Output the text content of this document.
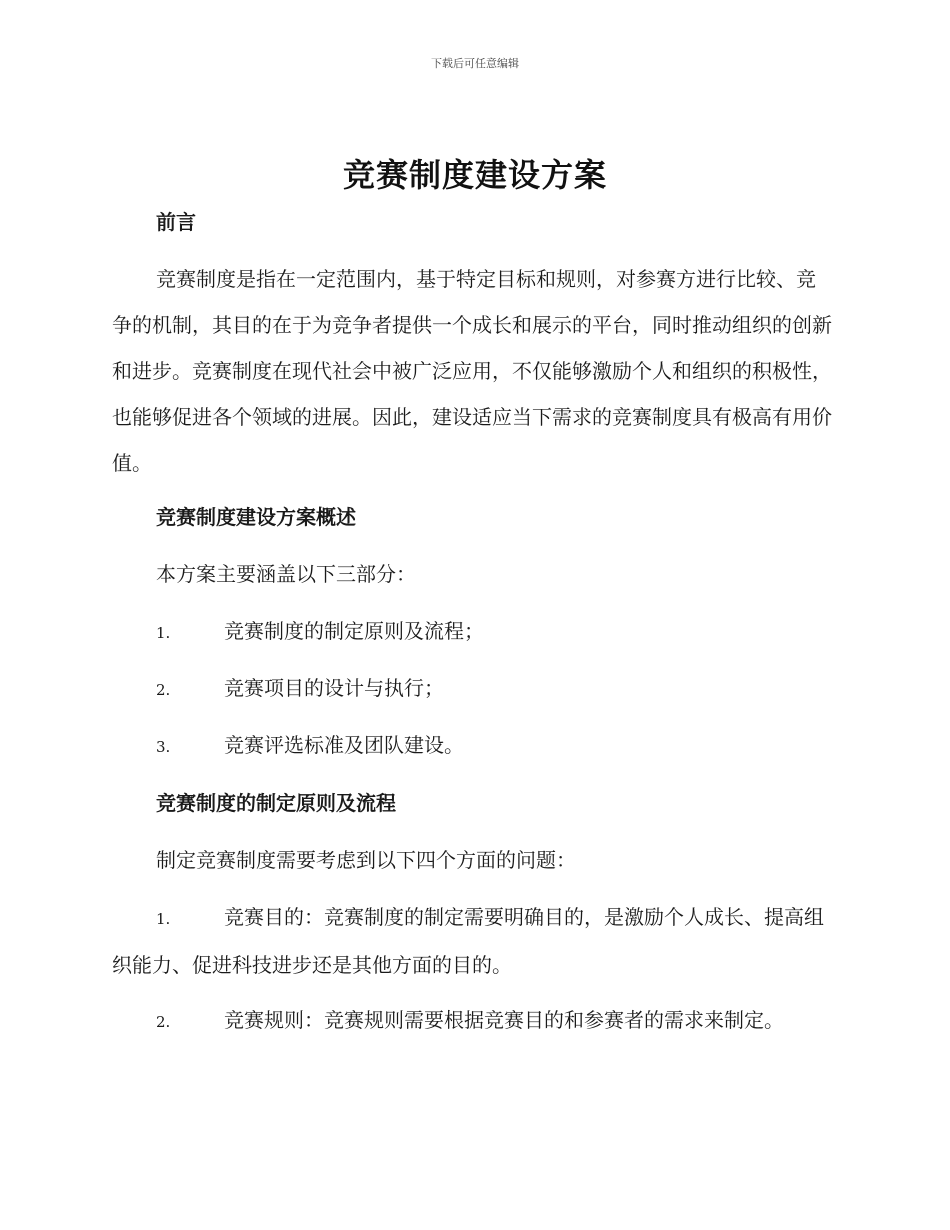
下载后可任意编辑
竞赛制度建设方案
前言
竞赛制度是指在一定范围内，基于特定目标和规则，对参赛方进行比较、竞争的机制，其目的在于为竞争者提供一个成长和展示的平台，同时推动组织的创新和进步。竞赛制度在现代社会中被广泛应用，不仅能够激励个人和组织的积极性，也能够促进各个领域的进展。因此，建设适应当下需求的竞赛制度具有极高有用价值。
竞赛制度建设方案概述
本方案主要涵盖以下三部分：
1.	竞赛制度的制定原则及流程；
2.	竞赛项目的设计与执行；
3.	竞赛评选标准及团队建设。
竞赛制度的制定原则及流程
制定竞赛制度需要考虑到以下四个方面的问题：
1.	竞赛目的：竞赛制度的制定需要明确目的，是激励个人成长、提高组织能力、促进科技进步还是其他方面的目的。
2.	竞赛规则：竞赛规则需要根据竞赛目的和参赛者的需求来制定。
